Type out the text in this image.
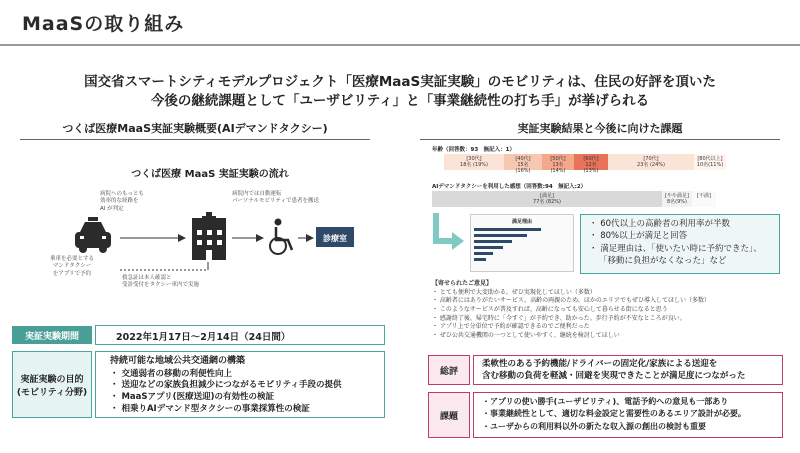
MaaSの取り組み
国交省スマートシティモデルプロジェクト「医療MaaS実証実験」のモビリティは、住民の好評を頂いた
今後の継続課題として「ユーザビリティ」と「事業継続性の打ち手」が挙げられる
つくば医療MaaS実証実験概要(AIデマンドタクシー)
つくば医療 MaaS 実証実験の流れ
病院へのもっとも
効率的な経路を
AI が判定
病院内では自動運転
パーソナルモビリティで患者を搬送
診療室
乗車を必要とする
マンドタクシー
をアプリで予約
救急証は本人確認と
受診受付をタクシー車内で実施
実証実験期間	2022年1月17日～2月14日（24日間）
実証実験の目的
(モビリティ分野)
持続可能な地域公共交通網の構築
・ 交通弱者の移動の利便性向上
・ 送迎などの家族負担減少につながるモビリティ手段の提供
・ MaaSアプリ(医療送迎)の有効性の検証
・ 相乗りAIデマンド型タクシーの事業採算性の検証
実証実験結果と今後に向けた課題
年齢（回答数：93　無記入：1）
[30代]
18名 (19%)
[40代]
15名
(16%)
[50代]
13名
(14%)
[60代]
12名
(13%)
[70代]
23名 (24%)
[80代以上]
10名(11%)
AIデマンドタクシーを利用した感想（回答数:94　無記入:2）
[満足]
77名 (82%)
[やや満足]
8名(9%)
[不満]
満足理由	・ 60代以上の高齢者の利用率が半数
・ 80%以上が満足と回答
・ 満足理由は、「使いたい時に予約できた」、
「移動に負担がなくなった」など
【寄せられたご意見】
・ とても便利で大変助かる。ぜひ実現化してほしい（多数）
・ 高齢者にはありがたいサービス。高齢の両親のため、ほかのエリアでもぜひ導入してほしい（多数）
・ このようなサービスが普及すれば、高齢になっても安心して暮らせる街になると思う
・ 感謝終了後、帰宅時に「今すぐ」が予約でき、助かった。歩行予約が不安なところが良い。
・ アプリ上で分単位で予約が確認できるのでご便利だった
・ ぜひ公共交通機関の一つとして使いやすく、継続を検討してほしい
総評
柔軟性のある予約機能/ドライバーの固定化/家族による送迎を
含む移動の負荷を軽減・回避を実現できたことが満足度につながった
課題
・アプリの使い勝手(ユーザビリティ)、電話予約への意見も一部あり
・事業継続性として、適切な料金設定と需要性のあるエリア設計が必要。
・ユーザからの利用料以外の新たな収入源の創出の検討も重要
